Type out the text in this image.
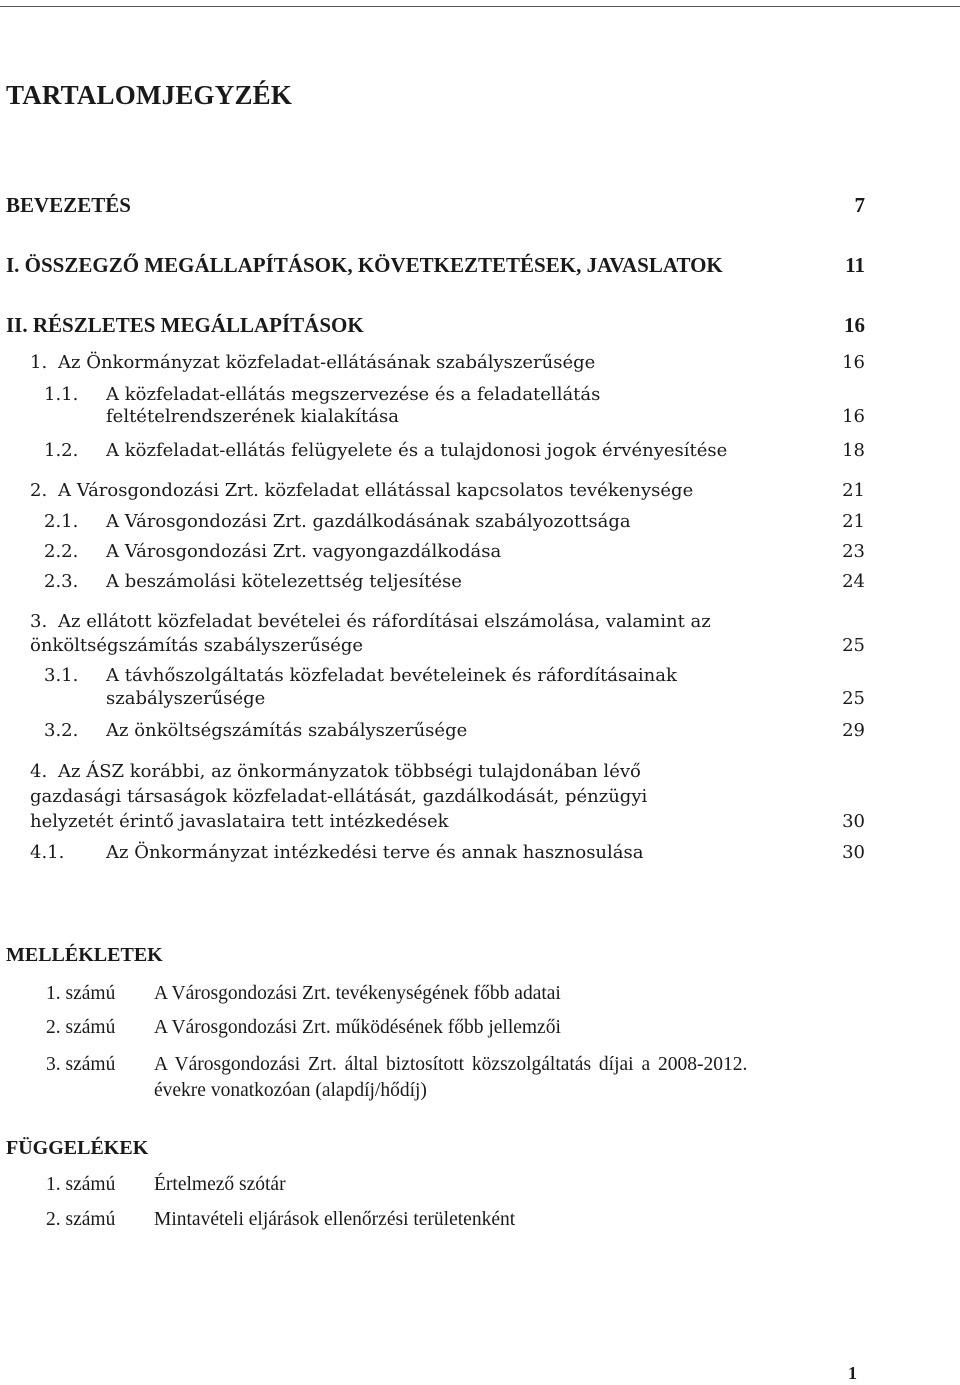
TARTALOMJEGYZÉK
BEVEZETÉS	7
I. ÖSSZEGZŐ MEGÁLLAPÍTÁSOK, KÖVETKEZTETÉSEK, JAVASLATOK	11
II. RÉSZLETES MEGÁLLAPÍTÁSOK	16
1. Az Önkormányzat közfeladat-ellátásának szabályszerűsége	16
1.1. A közfeladat-ellátás megszervezése és a feladatellátás
feltételrendszerének kialakítása	16
1.2. A közfeladat-ellátás felügyelete és a tulajdonosi jogok érvényesítése	18
2. A Városgondozási Zrt. közfeladat ellátással kapcsolatos tevékenysége	21
2.1. A Városgondozási Zrt. gazdálkodásának szabályozottsága	21
2.2. A Városgondozási Zrt. vagyongazdálkodása	23
2.3. A beszámolási kötelezettség teljesítése	24
3. Az ellátott közfeladat bevételei és ráfordításai elszámolása, valamint az
önköltségszámítás szabályszerűsége	25
3.1. A távhőszolgáltatás közfeladat bevételeinek és ráfordításainak
szabályszerűsége	25
3.2. Az önköltségszámítás szabályszerűsége	29
4. Az ÁSZ korábbi, az önkormányzatok többségi tulajdonában lévő
gazdasági társaságok közfeladat-ellátását, gazdálkodását, pénzügyi
helyzetét érintő javaslataira tett intézkedések	30
4.1. Az Önkormányzat intézkedési terve és annak hasznosulása	30
MELLÉKLETEK
1. számú A Városgondozási Zrt. tevékenységének főbb adatai
2. számú A Városgondozási Zrt. működésének főbb jellemzői
3. számú A Városgondozási Zrt. által biztosított közszolgáltatás díjai a 2008-2012.
évekre vonatkozóan (alapdíj/hődíj)
FÜGGELÉKEK
1. számú Értelmező szótár
2. számú Mintavételi eljárások ellenőrzési területenként
1
